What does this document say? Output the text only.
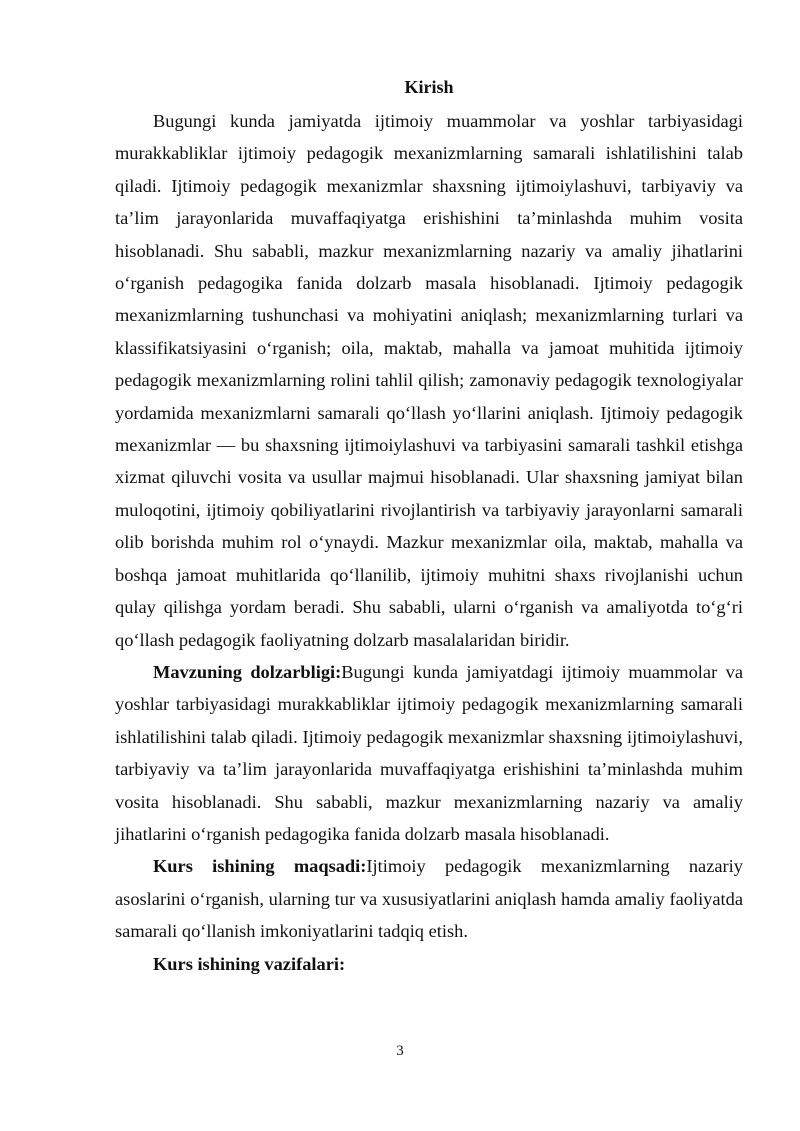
Kirish

Bugungi kunda jamiyatda ijtimoiy muammolar va yoshlar tarbiyasidagi murakkabliklar ijtimoiy pedagogik mexanizmlarning samarali ishlatilishini talab qiladi. Ijtimoiy pedagogik mexanizmlar shaxsning ijtimoiylashuvi, tarbiyaviy va ta’lim jarayonlarida muvaffaqiyatga erishishini ta’minlashda muhim vosita hisoblanadi. Shu sababli, mazkur mexanizmlarning nazariy va amaliy jihatlarini o‘rganish pedagogika fanida dolzarb masala hisoblanadi. Ijtimoiy pedagogik mexanizmlarning tushunchasi va mohiyatini aniqlash; mexanizmlarning turlari va klassifikatsiyasini o‘rganish; oila, maktab, mahalla va jamoat muhitida ijtimoiy pedagogik mexanizmlarning rolini tahlil qilish; zamonaviy pedagogik texnologiyalar yordamida mexanizmlarni samarali qo‘llash yo‘llarini aniqlash. Ijtimoiy pedagogik mexanizmlar — bu shaxsning ijtimoiylashuvi va tarbiyasini samarali tashkil etishga xizmat qiluvchi vosita va usullar majmui hisoblanadi. Ular shaxsning jamiyat bilan muloqotini, ijtimoiy qobiliyatlarini rivojlantirish va tarbiyaviy jarayonlarni samarali olib borishda muhim rol o‘ynaydi. Mazkur mexanizmlar oila, maktab, mahalla va boshqa jamoat muhitlarida qo‘llanilib, ijtimoiy muhitni shaxs rivojlanishi uchun qulay qilishga yordam beradi. Shu sababli, ularni o‘rganish va amaliyotda to‘g‘ri qo‘llash pedagogik faoliyatning dolzarb masalalaridan biridir.

Mavzuning dolzarbligi:Bugungi kunda jamiyatdagi ijtimoiy muammolar va yoshlar tarbiyasidagi murakkabliklar ijtimoiy pedagogik mexanizmlarning samarali ishlatilishini talab qiladi. Ijtimoiy pedagogik mexanizmlar shaxsning ijtimoiylashuvi, tarbiyaviy va ta’lim jarayonlarida muvaffaqiyatga erishishini ta’minlashda muhim vosita hisoblanadi. Shu sababli, mazkur mexanizmlarning nazariy va amaliy jihatlarini o‘rganish pedagogika fanida dolzarb masala hisoblanadi.

Kurs ishining maqsadi:Ijtimoiy pedagogik mexanizmlarning nazariy asoslarini o‘rganish, ularning tur va xususiyatlarini aniqlash hamda amaliy faoliyatda samarali qo‘llanish imkoniyatlarini tadqiq etish.

Kurs ishining vazifalari:

3
